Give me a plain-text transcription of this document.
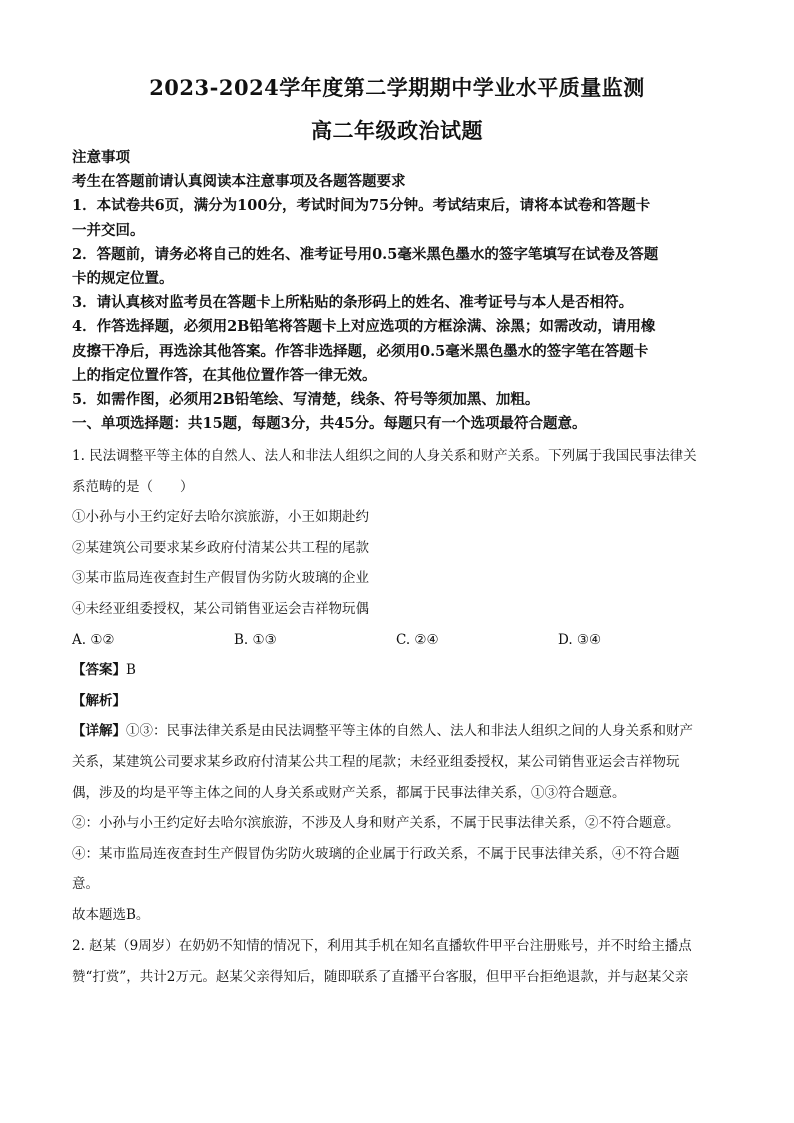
2023-2024学年度第二学期期中学业水平质量监测
高二年级政治试题

注意事项

考生在答题前请认真阅读本注意事项及各题答题要求

1．本试卷共6页，满分为100分，考试时间为75分钟。考试结束后，请将本试卷和答题卡

一并交回。

2．答题前，请务必将自己的姓名、准考证号用0.5毫米黑色墨水的签字笔填写在试卷及答题

卡的规定位置。

3．请认真核对监考员在答题卡上所粘贴的条形码上的姓名、准考证号与本人是否相符。

4．作答选择题，必须用2B铅笔将答题卡上对应选项的方框涂满、涂黑；如需改动，请用橡

皮擦干净后，再选涂其他答案。作答非选择题，必须用0.5毫米黑色墨水的签字笔在答题卡

上的指定位置作答，在其他位置作答一律无效。

5．如需作图，必须用2B铅笔绘、写清楚，线条、符号等须加黑、加粗。

一、单项选择题：共15题，每题3分，共45分。每题只有一个选项最符合题意。

1. 民法调整平等主体的自然人、法人和非法人组织之间的人身关系和财产关系。下列属于我国民事法律关

系范畴的是（　　）

①小孙与小王约定好去哈尔滨旅游，小王如期赴约

②某建筑公司要求某乡政府付清某公共工程的尾款

③某市监局连夜查封生产假冒伪劣防火玻璃的企业

④未经亚组委授权，某公司销售亚运会吉祥物玩偶

A. ①②	B. ①③	C. ②④	D. ③④

【答案】B

【解析】

【详解】①③：民事法律关系是由民法调整平等主体的自然人、法人和非法人组织之间的人身关系和财产

关系，某建筑公司要求某乡政府付清某公共工程的尾款；未经亚组委授权，某公司销售亚运会吉祥物玩

偶，涉及的均是平等主体之间的人身关系或财产关系，都属于民事法律关系，①③符合题意。

②：小孙与小王约定好去哈尔滨旅游，不涉及人身和财产关系，不属于民事法律关系，②不符合题意。

④：某市监局连夜查封生产假冒伪劣防火玻璃的企业属于行政关系，不属于民事法律关系，④不符合题

意。

故本题选B。

2. 赵某（9周岁）在奶奶不知情的情况下，利用其手机在知名直播软件甲平台注册账号，并不时给主播点

赞“打赏”，共计2万元。赵某父亲得知后，随即联系了直播平台客服，但甲平台拒绝退款，并与赵某父亲
